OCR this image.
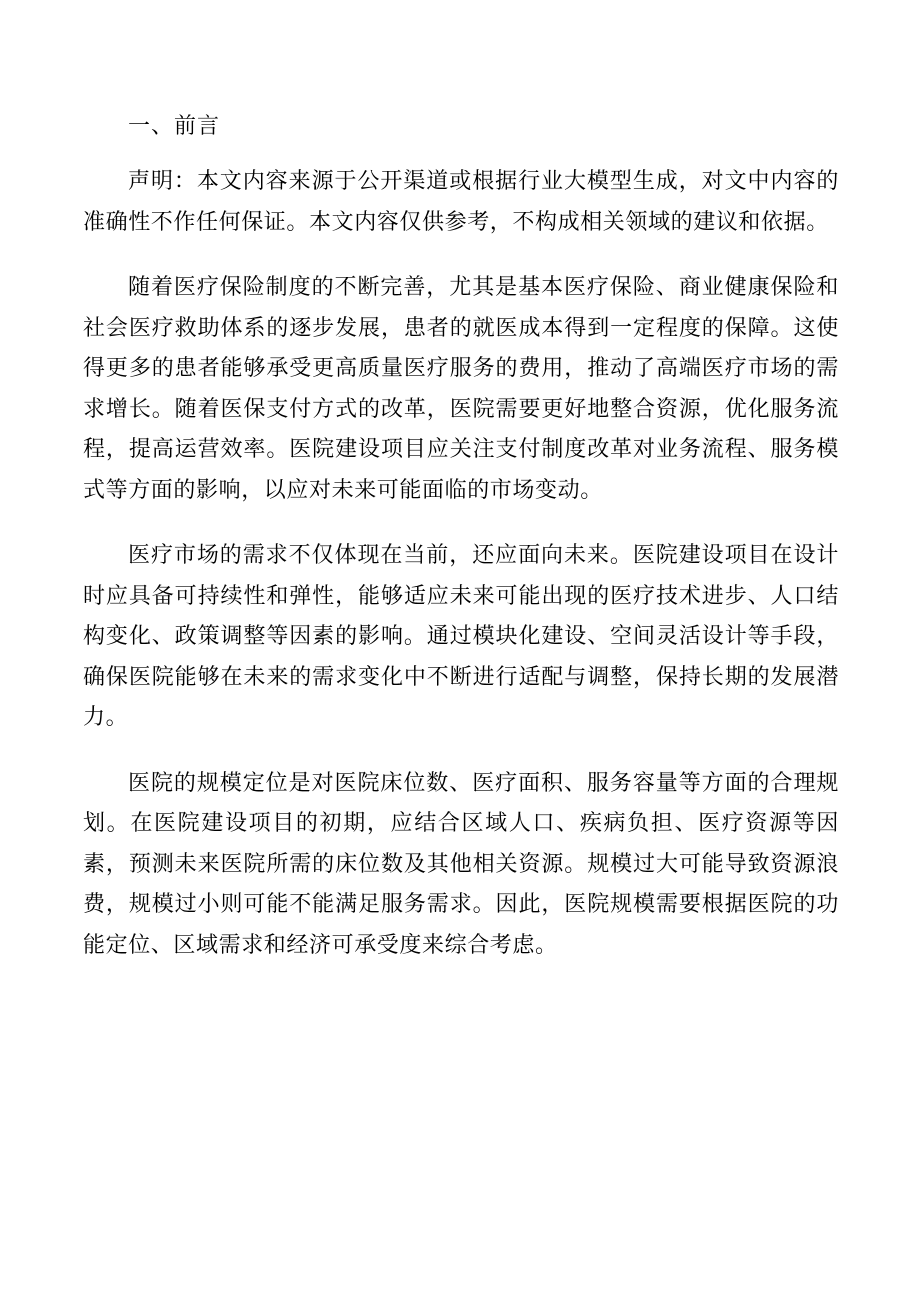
一、前言

声明：本文内容来源于公开渠道或根据行业大模型生成，对文中内容的准确性不作任何保证。本文内容仅供参考，不构成相关领域的建议和依据。

随着医疗保险制度的不断完善，尤其是基本医疗保险、商业健康保险和社会医疗救助体系的逐步发展，患者的就医成本得到一定程度的保障。这使得更多的患者能够承受更高质量医疗服务的费用，推动了高端医疗市场的需求增长。随着医保支付方式的改革，医院需要更好地整合资源，优化服务流程，提高运营效率。医院建设项目应关注支付制度改革对业务流程、服务模式等方面的影响，以应对未来可能面临的市场变动。

医疗市场的需求不仅体现在当前，还应面向未来。医院建设项目在设计时应具备可持续性和弹性，能够适应未来可能出现的医疗技术进步、人口结构变化、政策调整等因素的影响。通过模块化建设、空间灵活设计等手段，确保医院能够在未来的需求变化中不断进行适配与调整，保持长期的发展潜力。

医院的规模定位是对医院床位数、医疗面积、服务容量等方面的合理规划。在医院建设项目的初期，应结合区域人口、疾病负担、医疗资源等因素，预测未来医院所需的床位数及其他相关资源。规模过大可能导致资源浪费，规模过小则可能不能满足服务需求。因此，医院规模需要根据医院的功能定位、区域需求和经济可承受度来综合考虑。
